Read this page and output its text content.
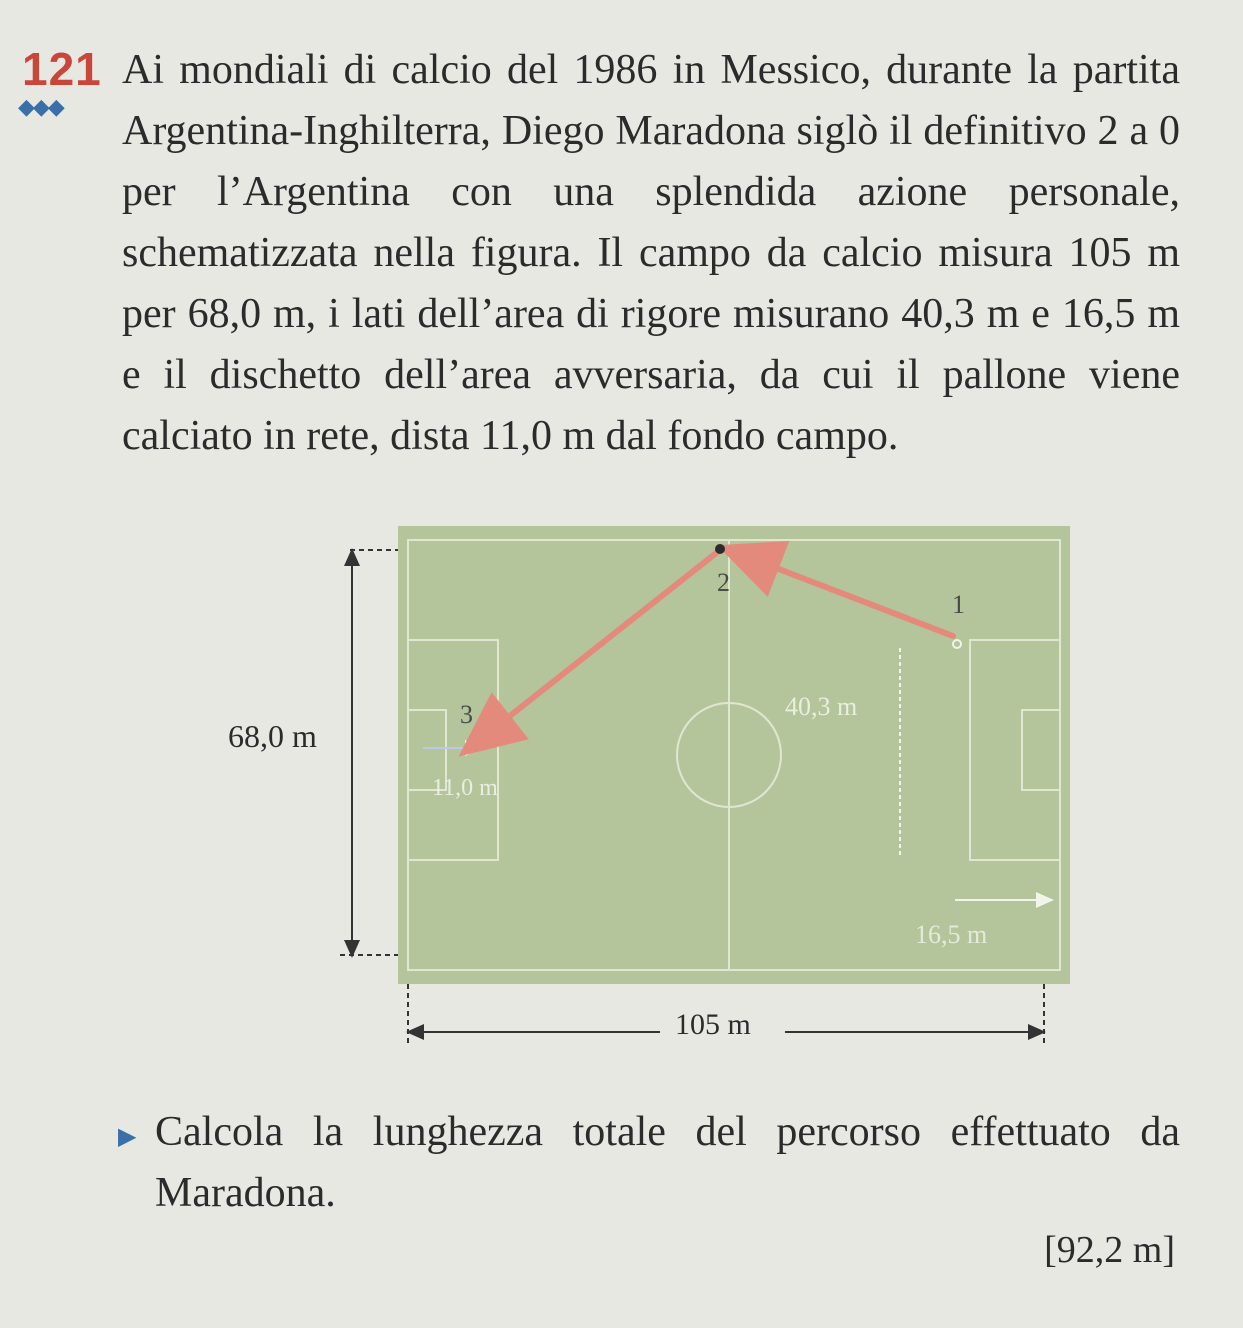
121
◆◆◆

Ai mondiali di calcio del 1986 in Messico, durante la partita Argentina-Inghilterra, Diego Maradona siglò il definitivo 2 a 0 per l’Argentina con una splendida azione personale, schematizzata nella figura. Il campo da calcio misura 105 m per 68,0 m, i lati dell’area di rigore misurano 40,3 m e 16,5 m e il dischetto dell’area avversaria, da cui il pallone viene calciato in rete, dista 11,0 m dal fondo campo.

68,0 m
105 m
1
2
3	40,3 m
16,5 m
11,0 m
▶ Calcola la lunghezza totale del percorso effettuato da Maradona.

[92,2 m]
